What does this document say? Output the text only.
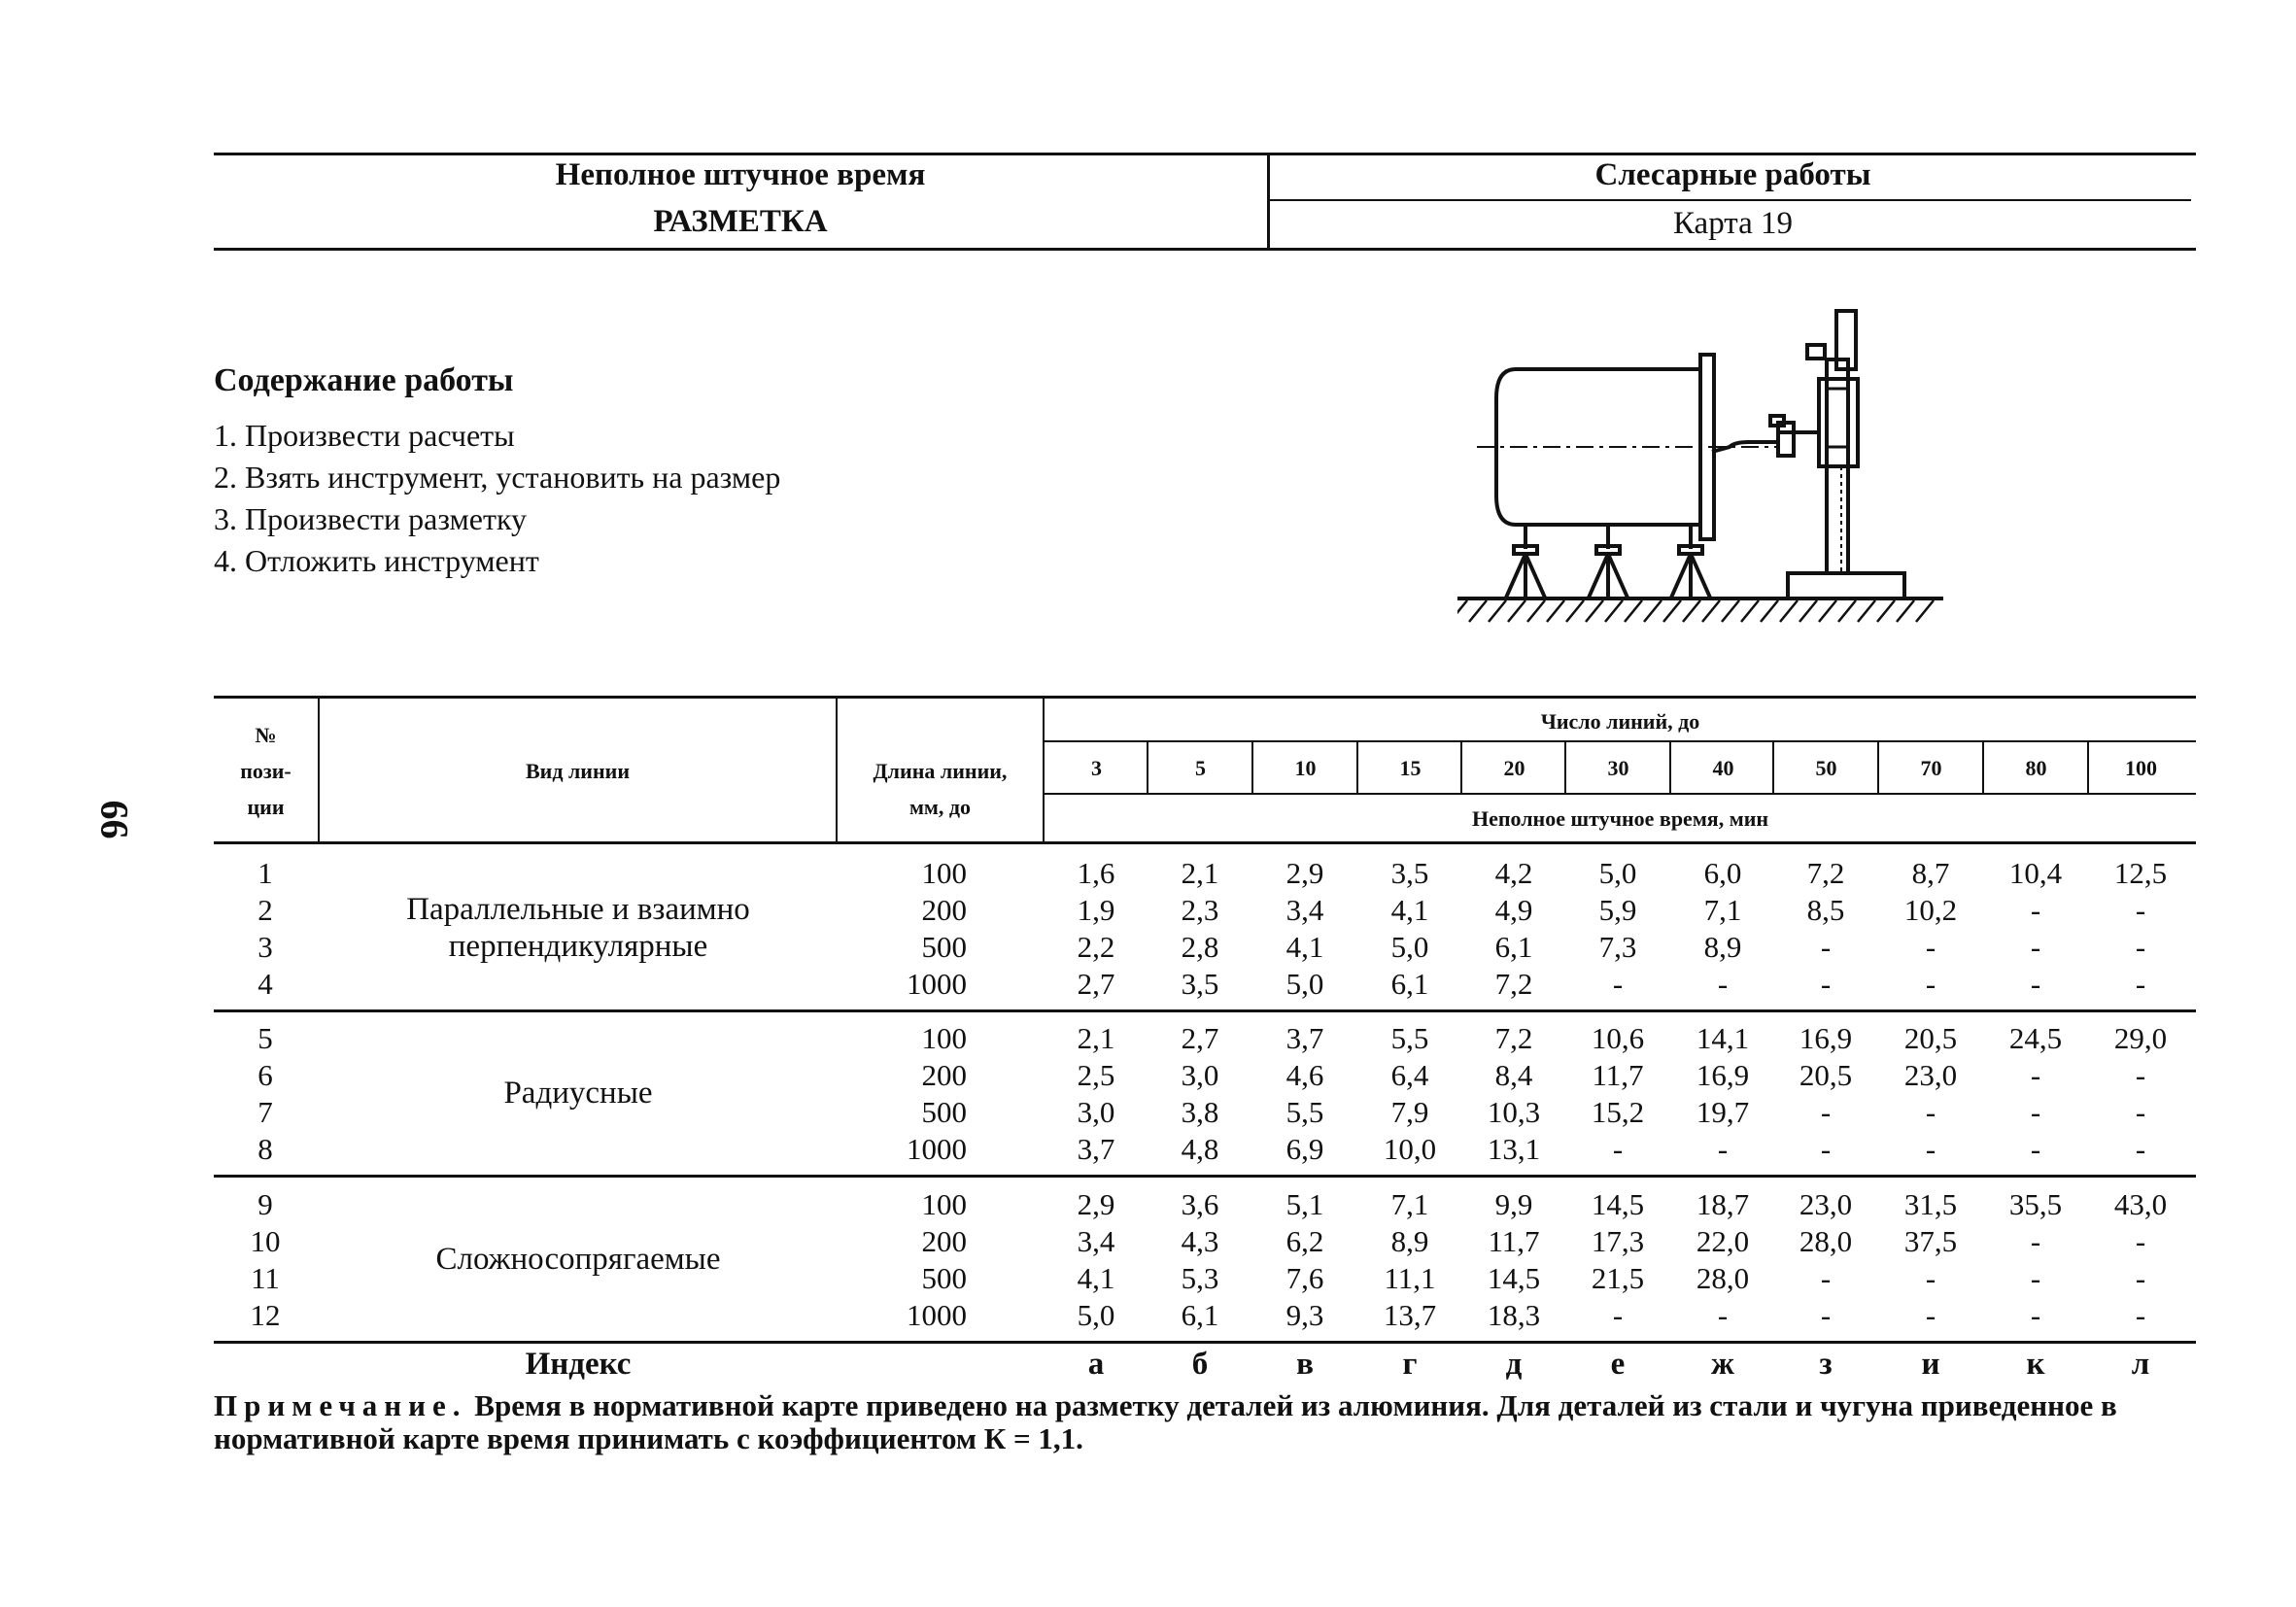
Неполное штучное время
РАЗМЕТКА
Слесарные работы
Карта 19
66
Содержание работы
1. Произвести расчеты
2. Взять инструмент, установить на размер
3. Произвести разметку
4. Отложить инструмент
№
пози-
ции
Вид линии	Длина линии,
мм, до
Число линий, до
Неполное штучное время, мин
3	5	10	15	20	30	40	50	70	80	100
Параллельные и взаимно
перпендикулярные
1	100	1,6	2,1	2,9	3,5	4,2	5,0	6,0	7,2	8,7	10,4	12,5
2	200	1,9	2,3	3,4	4,1	4,9	5,9	7,1	8,5	10,2	-	-
3	500	2,2	2,8	4,1	5,0	6,1	7,3	8,9	-	-	-	-
4	1000	2,7	3,5	5,0	6,1	7,2	-	-	-	-	-	-
Радиусные
5	100	2,1	2,7	3,7	5,5	7,2	10,6	14,1	16,9	20,5	24,5	29,0
6	200	2,5	3,0	4,6	6,4	8,4	11,7	16,9	20,5	23,0	-	-
7	500	3,0	3,8	5,5	7,9	10,3	15,2	19,7	-	-	-	-
8	1000	3,7	4,8	6,9	10,0	13,1	-	-	-	-	-	-
Сложносопрягаемые
9	100	2,9	3,6	5,1	7,1	9,9	14,5	18,7	23,0	31,5	35,5	43,0
10	200	3,4	4,3	6,2	8,9	11,7	17,3	22,0	28,0	37,5	-	-
11	500	4,1	5,3	7,6	11,1	14,5	21,5	28,0	-	-	-	-
12	1000	5,0	6,1	9,3	13,7	18,3	-	-	-	-	-	-
Индекс	а	б	в	г	д	е	ж	з	и	к	л
Примечание. Время в нормативной карте приведено на разметку деталей из алюминия. Для деталей из стали и чугуна приведенное в нормативной карте время принимать с коэффициентом К = 1,1.
